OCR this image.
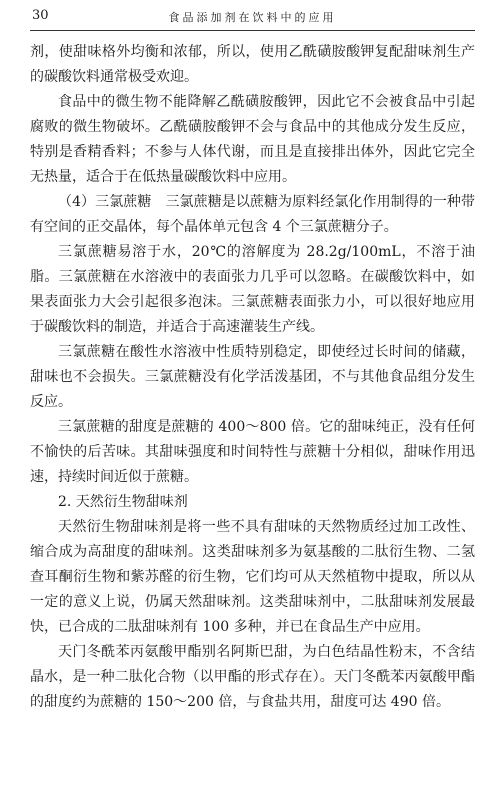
30	食品添加剂在饮料中的应用

剂，使甜味格外均衡和浓郁，所以，使用乙酰磺胺酸钾复配甜味剂生产的碳酸饮料通常极受欢迎。

食品中的微生物不能降解乙酰磺胺酸钾，因此它不会被食品中引起腐败的微生物破坏。乙酰磺胺酸钾不会与食品中的其他成分发生反应，特别是香精香料；不参与人体代谢，而且是直接排出体外，因此它完全无热量，适合于在低热量碳酸饮料中应用。

（4）三氯蔗糖　三氯蔗糖是以蔗糖为原料经氯化作用制得的一种带有空间的正交晶体，每个晶体单元包含 4 个三氯蔗糖分子。

三氯蔗糖易溶于水，20℃的溶解度为 28.2g/100mL，不溶于油脂。三氯蔗糖在水溶液中的表面张力几乎可以忽略。在碳酸饮料中，如果表面张力大会引起很多泡沫。三氯蔗糖表面张力小，可以很好地应用于碳酸饮料的制造，并适合于高速灌装生产线。

三氯蔗糖在酸性水溶液中性质特别稳定，即使经过长时间的储藏，甜味也不会损失。三氯蔗糖没有化学活泼基团，不与其他食品组分发生反应。

三氯蔗糖的甜度是蔗糖的 400～800 倍。它的甜味纯正，没有任何不愉快的后苦味。其甜味强度和时间特性与蔗糖十分相似，甜味作用迅速，持续时间近似于蔗糖。

2. 天然衍生物甜味剂

天然衍生物甜味剂是将一些不具有甜味的天然物质经过加工改性、缩合成为高甜度的甜味剂。这类甜味剂多为氨基酸的二肽衍生物、二氢查耳酮衍生物和紫苏醛的衍生物，它们均可从天然植物中提取，所以从一定的意义上说，仍属天然甜味剂。这类甜味剂中，二肽甜味剂发展最快，已合成的二肽甜味剂有 100 多种，并已在食品生产中应用。

天门冬酰苯丙氨酸甲酯别名阿斯巴甜，为白色结晶性粉末，不含结晶水，是一种二肽化合物（以甲酯的形式存在）。天门冬酰苯丙氨酸甲酯的甜度约为蔗糖的 150～200 倍，与食盐共用，甜度可达 490 倍。
